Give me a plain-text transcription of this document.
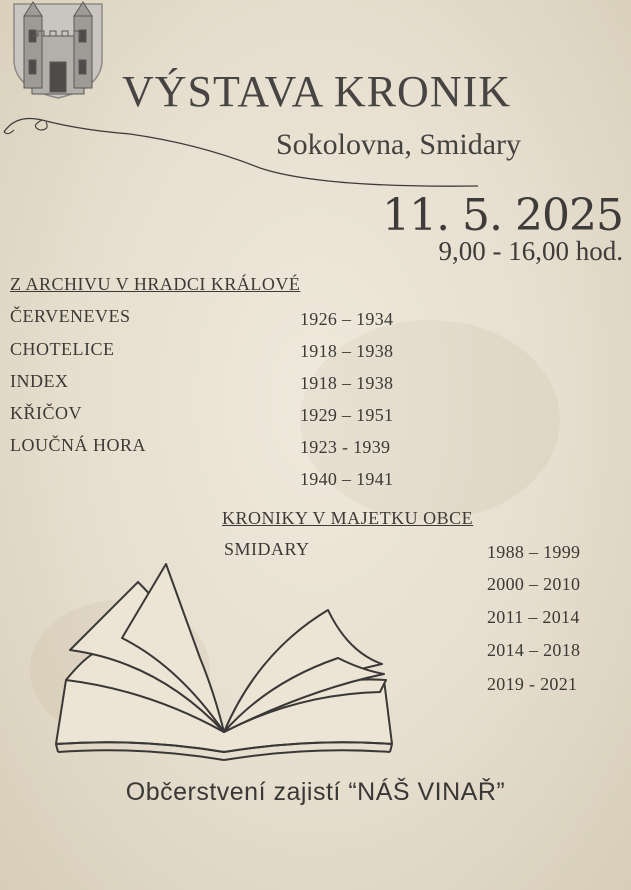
VÝSTAVA KRONIK
Sokolovna, Smidary
11. 5. 2025
9,00 - 16,00 hod.
Z ARCHIVU V HRADCI KRÁLOVÉ
ČERVENEVES	1926 – 1934
CHOTELICE	1918 – 1938
INDEX	1918 – 1938
KŘIČOV	1929 – 1951
LOUČNÁ HORA	1923 - 1939
1940 – 1941
KRONIKY V MAJETKU OBCE
SMIDARY	1988 – 1999
2000 – 2010
2011 – 2014
2014 – 2018
2019 - 2021
Občerstvení zajistí “NÁŠ VINAŘ”
